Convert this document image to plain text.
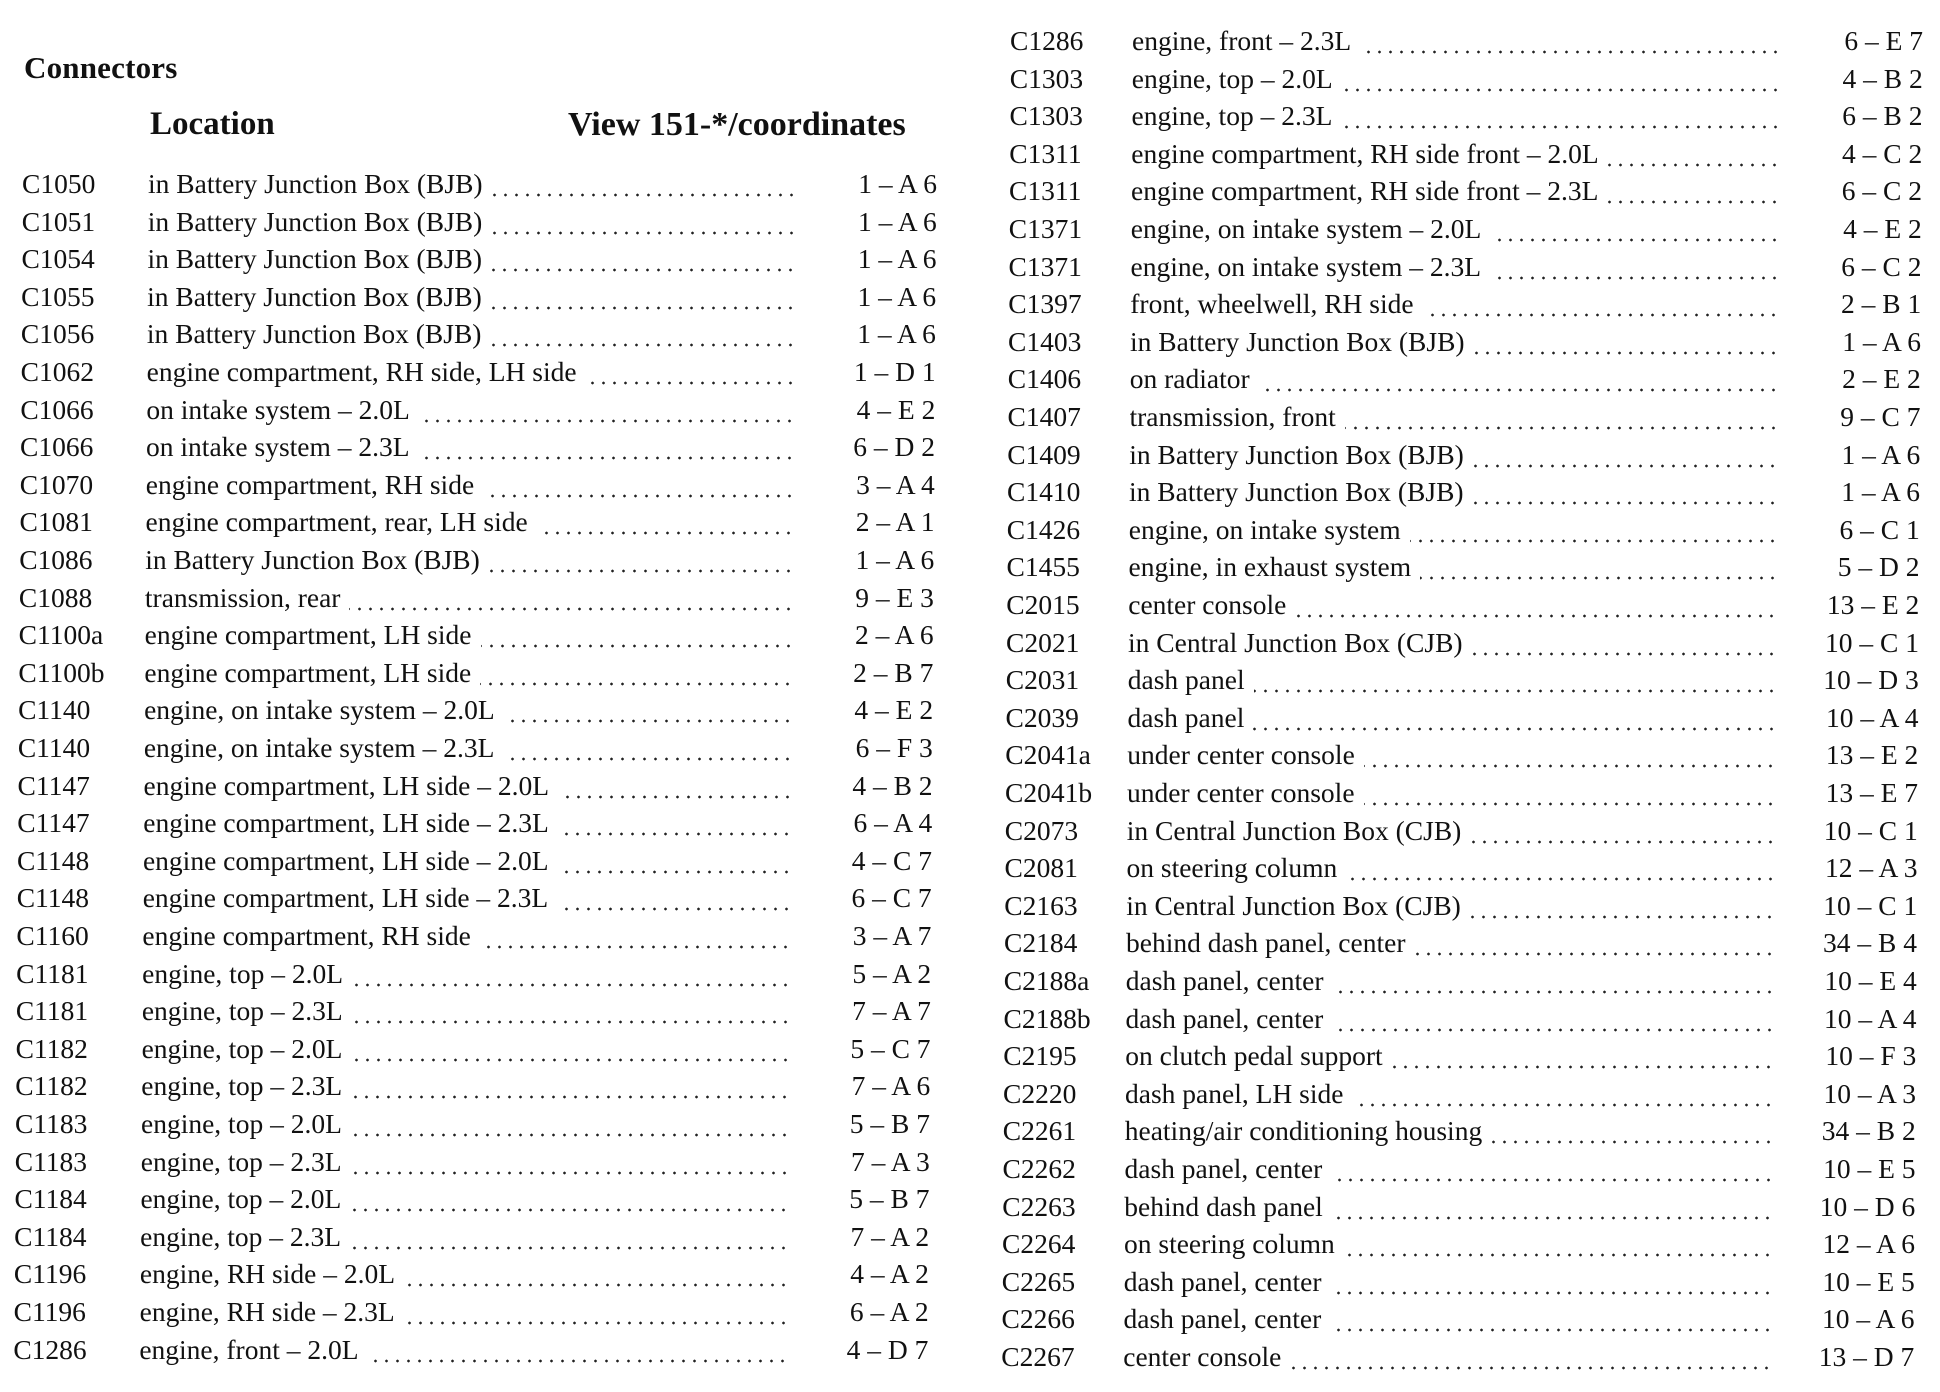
Connectors
Location	View 151-*/coordinates
C1050 in Battery Junction Box (BJB)	1 – A 6
C1051 in Battery Junction Box (BJB)	1 – A 6
C1054 in Battery Junction Box (BJB)	1 – A 6
C1055 in Battery Junction Box (BJB)	1 – A 6
C1056 in Battery Junction Box (BJB)	1 – A 6
C1062 engine compartment, RH side, LH side	1 – D 1
C1066 on intake system – 2.0L	4 – E 2
C1066 on intake system – 2.3L	6 – D 2
C1070 engine compartment, RH side	3 – A 4
C1081 engine compartment, rear, LH side	2 – A 1
C1086 in Battery Junction Box (BJB)	1 – A 6
C1088 transmission, rear	9 – E 3
C1100a engine compartment, LH side	2 – A 6
C1100b engine compartment, LH side	2 – B 7
C1140 engine, on intake system – 2.0L	4 – E 2
C1140 engine, on intake system – 2.3L	6 – F 3
C1147 engine compartment, LH side – 2.0L	4 – B 2
C1147 engine compartment, LH side – 2.3L	6 – A 4
C1148 engine compartment, LH side – 2.0L	4 – C 7
C1148 engine compartment, LH side – 2.3L	6 – C 7
C1160 engine compartment, RH side	3 – A 7
C1181 engine, top – 2.0L	5 – A 2
C1181 engine, top – 2.3L	7 – A 7
C1182 engine, top – 2.0L	5 – C 7
C1182 engine, top – 2.3L	7 – A 6
C1183 engine, top – 2.0L	5 – B 7
C1183 engine, top – 2.3L	7 – A 3
C1184 engine, top – 2.0L	5 – B 7
C1184 engine, top – 2.3L	7 – A 2
C1196 engine, RH side – 2.0L	4 – A 2
C1196 engine, RH side – 2.3L	6 – A 2
C1286 engine, front – 2.0L	4 – D 7
C1286 engine, front – 2.3L	6 – E 7
C1303 engine, top – 2.0L	4 – B 2
C1303 engine, top – 2.3L	6 – B 2
C1311 engine compartment, RH side front – 2.0L	4 – C 2
C1311 engine compartment, RH side front – 2.3L	6 – C 2
C1371 engine, on intake system – 2.0L	4 – E 2
C1371 engine, on intake system – 2.3L	6 – C 2
C1397 front, wheelwell, RH side	2 – B 1
C1403 in Battery Junction Box (BJB)	1 – A 6
C1406 on radiator	2 – E 2
C1407 transmission, front	9 – C 7
C1409 in Battery Junction Box (BJB)	1 – A 6
C1410 in Battery Junction Box (BJB)	1 – A 6
C1426 engine, on intake system	6 – C 1
C1455 engine, in exhaust system	5 – D 2
C2015 center console	13 – E 2
C2021 in Central Junction Box (CJB)	10 – C 1
C2031 dash panel	10 – D 3
C2039 dash panel	10 – A 4
C2041a under center console	13 – E 2
C2041b under center console	13 – E 7
C2073 in Central Junction Box (CJB)	10 – C 1
C2081 on steering column	12 – A 3
C2163 in Central Junction Box (CJB)	10 – C 1
C2184 behind dash panel, center	34 – B 4
C2188a dash panel, center	10 – E 4
C2188b dash panel, center	10 – A 4
C2195 on clutch pedal support	10 – F 3
C2220 dash panel, LH side	10 – A 3
C2261 heating/air conditioning housing	34 – B 2
C2262 dash panel, center	10 – E 5
C2263 behind dash panel	10 – D 6
C2264 on steering column	12 – A 6
C2265 dash panel, center	10 – E 5
C2266 dash panel, center	10 – A 6
C2267 center console	13 – D 7
